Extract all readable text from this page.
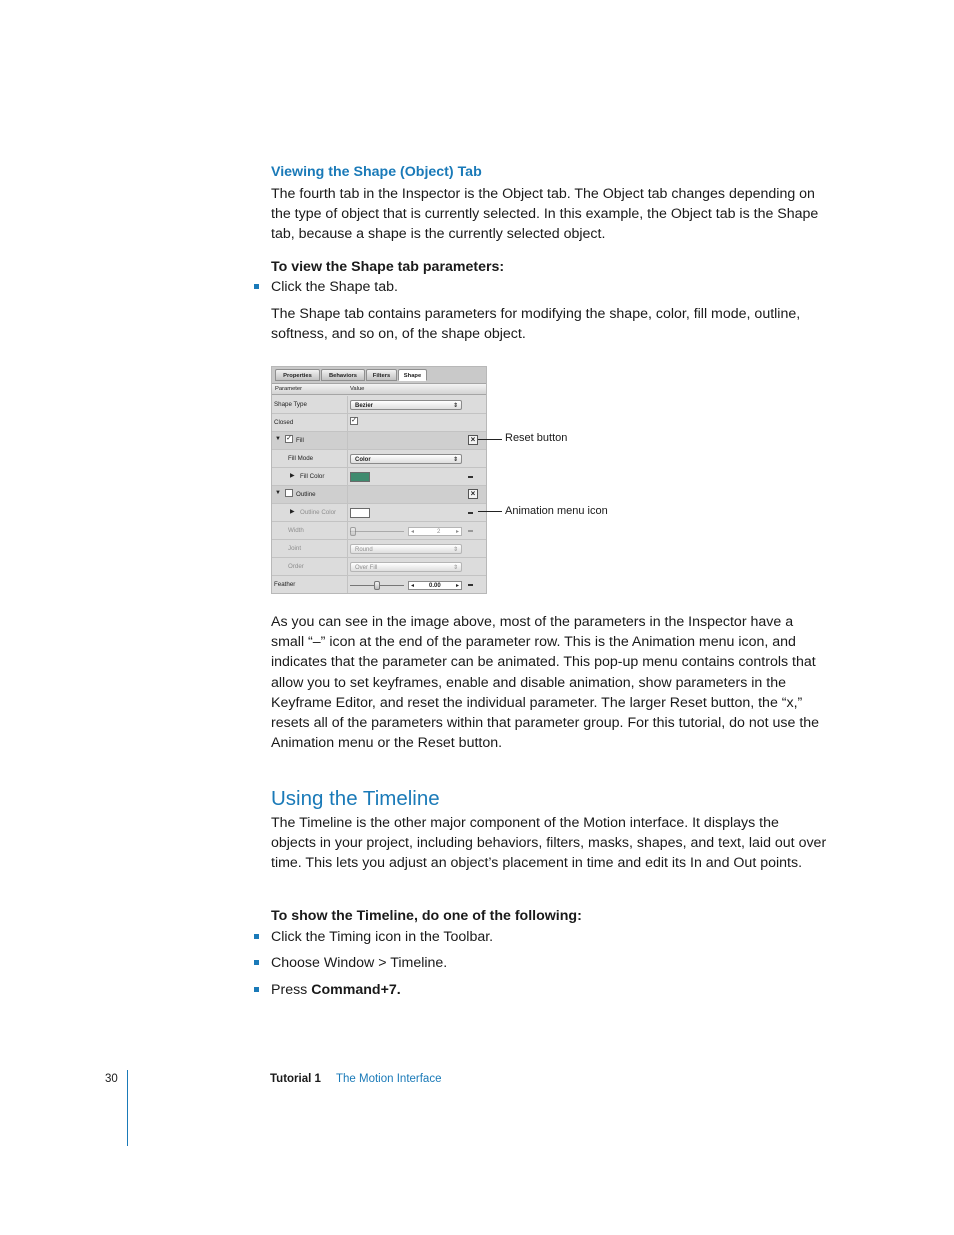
Viewing the Shape (Object) Tab
The fourth tab in the Inspector is the Object tab. The Object tab changes depending on the type of object that is currently selected. In this example, the Object tab is the Shape tab, because a shape is the currently selected object.
To view the Shape tab parameters:
Click the Shape tab.
The Shape tab contains parameters for modifying the shape, color, fill mode, outline, softness, and so on, of the shape object.
Properties	Behaviors	Filters	Shape
Parameter	Value
Shape Type	Bezier	⇕
Closed	✓
▼ ✓ Fill	×
Fill Mode	Color	⇕
▶ Fill Color
▼ Outline	×
▶ Outline Color
Width	◂	2	▸
Joint	Round	⇕
Order	Over Fill	⇕
Feather	◂ 0.00	▸
Reset button
Animation menu icon
As you can see in the image above, most of the parameters in the Inspector have a small “–” icon at the end of the parameter row. This is the Animation menu icon, and indicates that the parameter can be animated. This pop-up menu contains controls that allow you to set keyframes, enable and disable animation, show parameters in the Keyframe Editor, and reset the individual parameter. The larger Reset button, the “x,” resets all of the parameters within that parameter group. For this tutorial, do not use the Animation menu or the Reset button.
Using the Timeline
The Timeline is the other major component of the Motion interface. It displays the objects in your project, including behaviors, filters, masks, shapes, and text, laid out over time. This lets you adjust an object’s placement in time and edit its In and Out points.
To show the Timeline, do one of the following:
Click the Timing icon in the Toolbar.
Choose Window > Timeline.
Press Command+7.
30	Tutorial 1 The Motion Interface
